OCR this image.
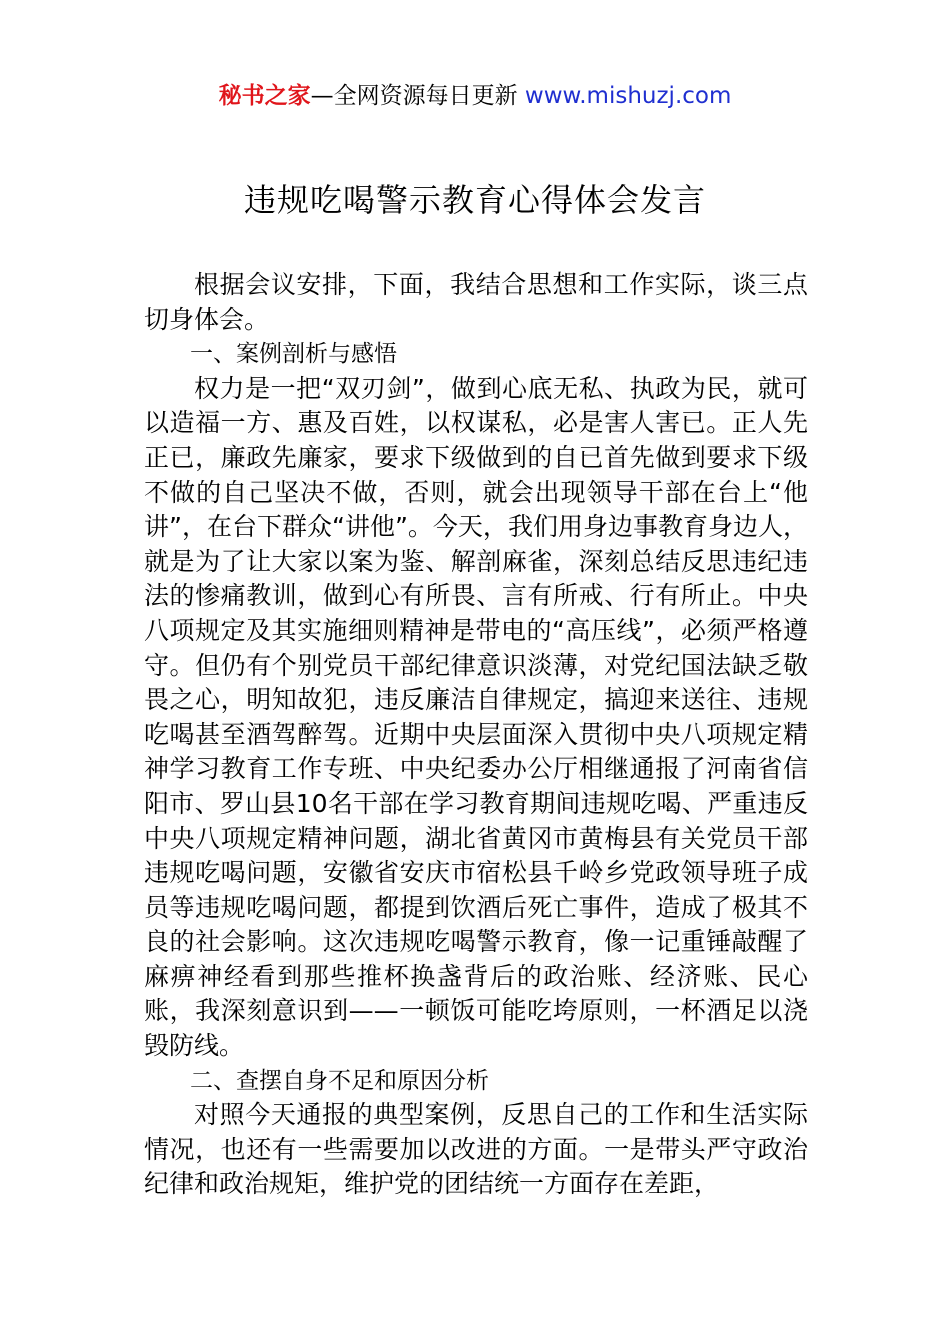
秘书之家—全网资源每日更新 www.mishuzj.com
违规吃喝警示教育心得体会发言

根据会议安排，下面，我结合思想和工作实际，谈三点切身体会。

一、案例剖析与感悟

权力是一把“双刃剑”，做到心底无私、执政为民，就可以造福一方、惠及百姓，以权谋私，必是害人害已。正人先正已，廉政先廉家，要求下级做到的自已首先做到要求下级不做的自己坚决不做，否则，就会出现领导干部在台上“他讲”，在台下群众“讲他”。今天，我们用身边事教育身边人，就是为了让大家以案为鉴、解剖麻雀，深刻总结反思违纪违法的惨痛教训，做到心有所畏、言有所戒、行有所止。中央八项规定及其实施细则精神是带电的“高压线”，必须严格遵守。但仍有个别党员干部纪律意识淡薄，对党纪国法缺乏敬畏之心，明知故犯，违反廉洁自律规定，搞迎来送往、违规吃喝甚至酒驾醉驾。近期中央层面深入贯彻中央八项规定精神学习教育工作专班、中央纪委办公厅相继通报了河南省信阳市、罗山县10名干部在学习教育期间违规吃喝、严重违反中央八项规定精神问题，湖北省黄冈市黄梅县有关党员干部违规吃喝问题，安徽省安庆市宿松县千岭乡党政领导班子成员等违规吃喝问题，都提到饮酒后死亡事件，造成了极其不良的社会影响。这次违规吃喝警示教育，像一记重锤敲醒了麻痹神经看到那些推杯换盏背后的政治账、经济账、民心账，我深刻意识到——一顿饭可能吃垮原则，一杯酒足以浇毁防线。

二、查摆自身不足和原因分析

对照今天通报的典型案例，反思自己的工作和生活实际情况，也还有一些需要加以改进的方面。一是带头严守政治纪律和政治规矩，维护党的团结统一方面存在差距，
